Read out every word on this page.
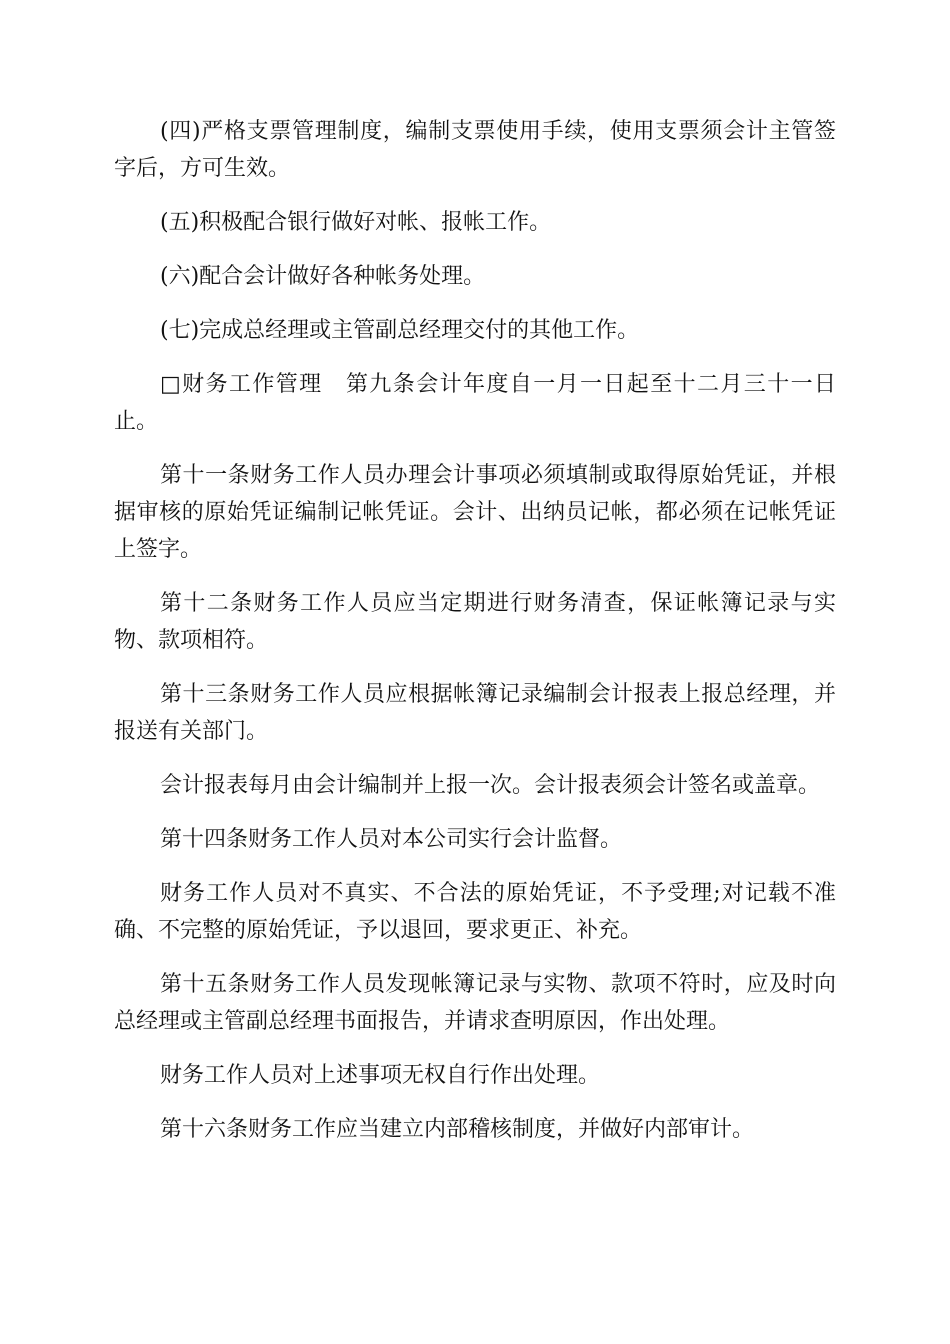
(四)严格支票管理制度，编制支票使用手续，使用支票须会计主管签字后，方可生效。

(五)积极配合银行做好对帐、报帐工作。

(六)配合会计做好各种帐务处理。

(七)完成总经理或主管副总经理交付的其他工作。

□财务工作管理　第九条会计年度自一月一日起至十二月三十一日止。

第十一条财务工作人员办理会计事项必须填制或取得原始凭证，并根据审核的原始凭证编制记帐凭证。会计、出纳员记帐，都必须在记帐凭证上签字。

第十二条财务工作人员应当定期进行财务清查，保证帐簿记录与实物、款项相符。

第十三条财务工作人员应根据帐簿记录编制会计报表上报总经理，并报送有关部门。

会计报表每月由会计编制并上报一次。会计报表须会计签名或盖章。

第十四条财务工作人员对本公司实行会计监督。

财务工作人员对不真实、不合法的原始凭证，不予受理;对记载不准确、不完整的原始凭证，予以退回，要求更正、补充。

第十五条财务工作人员发现帐簿记录与实物、款项不符时，应及时向总经理或主管副总经理书面报告，并请求查明原因，作出处理。

财务工作人员对上述事项无权自行作出处理。

第十六条财务工作应当建立内部稽核制度，并做好内部审计。
